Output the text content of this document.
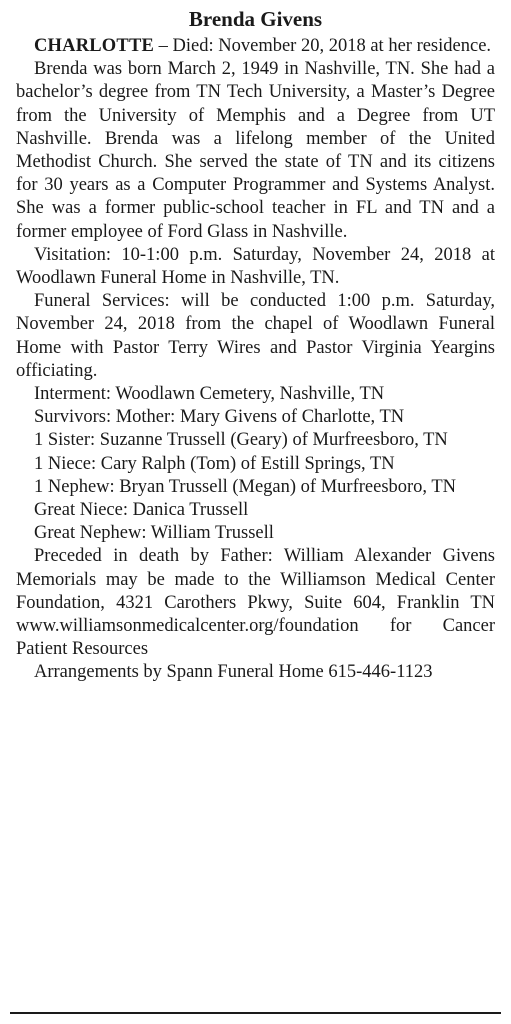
Brenda Givens

CHARLOTTE – Died: November 20, 2018 at her residence.

Brenda was born March 2, 1949 in Nashville, TN. She had a bachelor’s degree from TN Tech University, a Master’s Degree from the University of Memphis and a Degree from UT Nashville. Brenda was a lifelong member of the United Methodist Church. She served the state of TN and its citizens for 30 years as a Computer Programmer and Systems Analyst. She was a former public-school teacher in FL and TN and a former employee of Ford Glass in Nashville.

Visitation: 10-1:00 p.m. Saturday, November 24, 2018 at Woodlawn Funeral Home in Nashville, TN.

Funeral Services: will be conducted 1:00 p.m. Saturday, November 24, 2018 from the chapel of Woodlawn Funeral Home with Pastor Terry Wires and Pastor Virginia Yeargins officiating.

Interment: Woodlawn Cemetery, Nashville, TN

Survivors: Mother: Mary Givens of Charlotte, TN

1 Sister: Suzanne Trussell (Geary) of Murfreesboro, TN

1 Niece: Cary Ralph (Tom) of Estill Springs, TN

1 Nephew: Bryan Trussell (Megan) of Murfreesboro, TN

Great Niece: Danica Trussell

Great Nephew: William Trussell

Preceded in death by Father: William Alexander Givens Memorials may be made to the Williamson Medical Center Foundation, 4321 Carothers Pkwy, Suite 604, Franklin TN www.williamsonmedicalcenter.org/foundation for Cancer Patient Resources

Arrangements by Spann Funeral Home 615-446-1123
